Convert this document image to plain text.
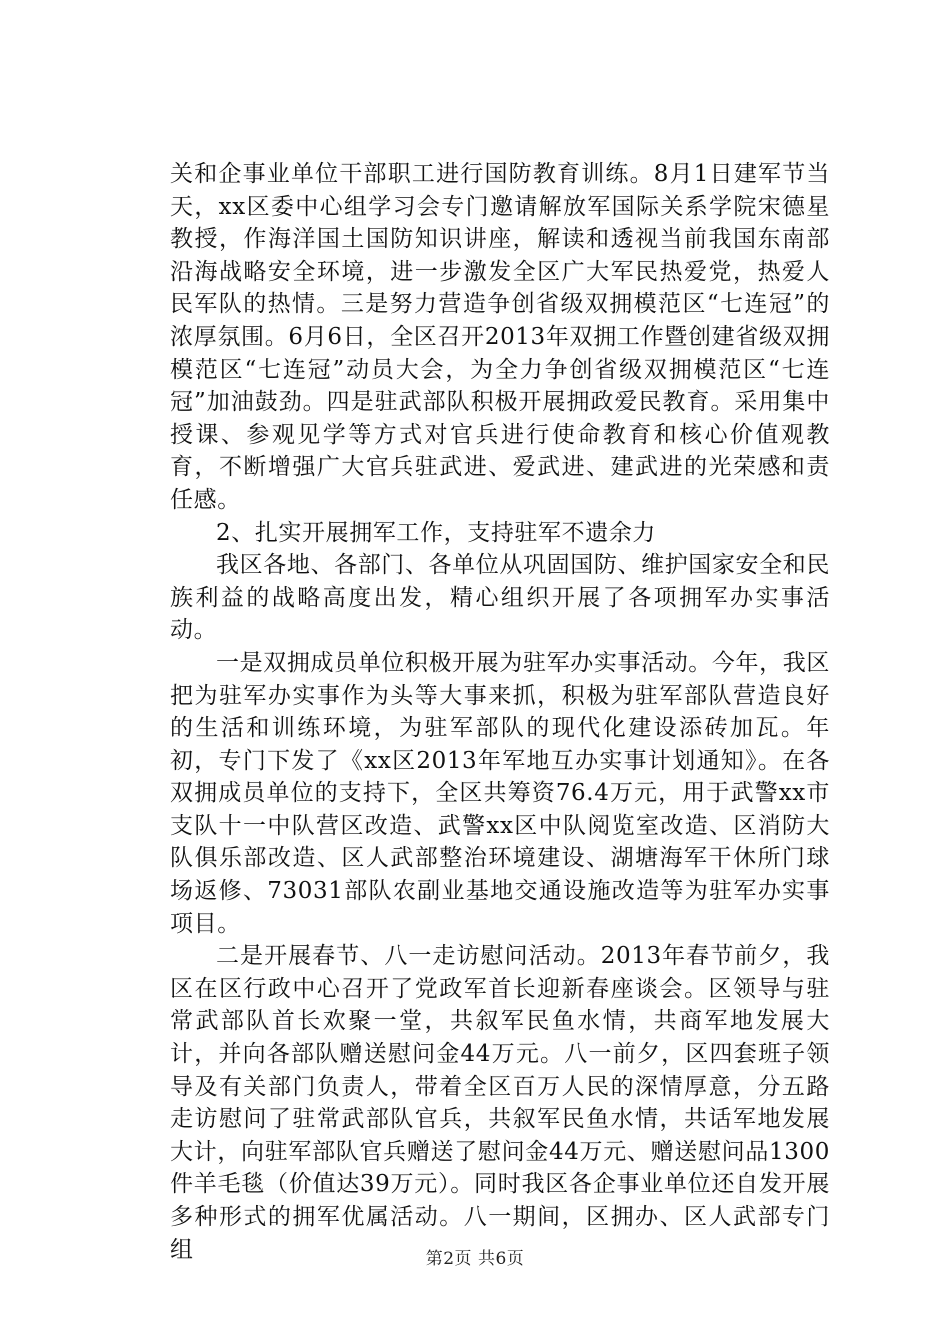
关和企事业单位干部职工进行国防教育训练。8月1日建军节当天，xx区委中心组学习会专门邀请解放军国际关系学院宋德星教授，作海洋国土国防知识讲座，解读和透视当前我国东南部沿海战略安全环境，进一步激发全区广大军民热爱党，热爱人民军队的热情。三是努力营造争创省级双拥模范区“七连冠”的浓厚氛围。6月6日，全区召开2013年双拥工作暨创建省级双拥模范区“七连冠”动员大会，为全力争创省级双拥模范区“七连冠”加油鼓劲。四是驻武部队积极开展拥政爱民教育。采用集中授课、参观见学等方式对官兵进行使命教育和核心价值观教育，不断增强广大官兵驻武进、爱武进、建武进的光荣感和责任感。

2、扎实开展拥军工作，支持驻军不遗余力

我区各地、各部门、各单位从巩固国防、维护国家安全和民族利益的战略高度出发，精心组织开展了各项拥军办实事活动。

一是双拥成员单位积极开展为驻军办实事活动。今年，我区把为驻军办实事作为头等大事来抓，积极为驻军部队营造良好的生活和训练环境，为驻军部队的现代化建设添砖加瓦。年初，专门下发了《xx区2013年军地互办实事计划通知》。在各双拥成员单位的支持下，全区共筹资76.4万元，用于武警xx市支队十一中队营区改造、武警xx区中队阅览室改造、区消防大队俱乐部改造、区人武部整治环境建设、湖塘海军干休所门球场返修、73031部队农副业基地交通设施改造等为驻军办实事项目。

二是开展春节、八一走访慰问活动。2013年春节前夕，我区在区行政中心召开了党政军首长迎新春座谈会。区领导与驻常武部队首长欢聚一堂，共叙军民鱼水情，共商军地发展大计，并向各部队赠送慰问金44万元。八一前夕，区四套班子领导及有关部门负责人，带着全区百万人民的深情厚意，分五路走访慰问了驻常武部队官兵，共叙军民鱼水情，共话军地发展大计，向驻军部队官兵赠送了慰问金44万元、赠送慰问品1300件羊毛毯（价值达39万元）。同时我区各企事业单位还自发开展多种形式的拥军优属活动。八一期间，区拥办、区人武部专门组	第2页 共6页
